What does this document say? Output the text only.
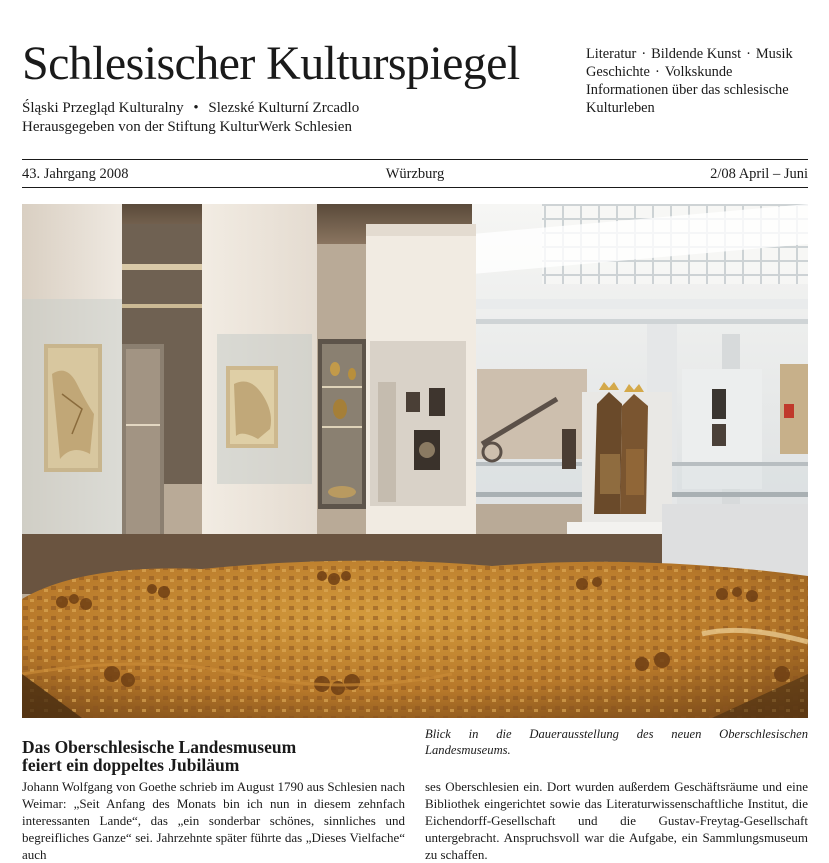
Schlesischer Kulturspiegel
Śląski Przegląd Kulturalny • Slezské Kulturní Zrcadlo
Herausgegeben von der Stiftung KulturWerk Schlesien
Literatur · Bildende Kunst · Musik
Geschichte · Volkskunde
Informationen über das schlesische
Kulturleben
43. Jahrgang 2008	Würzburg	2/08 April – Juni
Das Oberschlesische Landesmuseum
feiert ein doppeltes Jubiläum
Blick in die Dauerausstellung des neuen Oberschlesischen Landesmuseums.
Johann Wolfgang von Goethe schrieb im August 1790 aus Schlesien nach Weimar: „Seit Anfang des Monats bin ich nun in diesem zehnfach interessanten Lande“, das „ein sonderbar schönes, sinnliches und begreifliches Ganze“ sei. Jahrzehnte später führte das „Dieses Vielfache“ auch
ses Oberschlesien ein. Dort wurden außerdem Geschäftsräume und eine Bibliothek eingerichtet sowie das Literaturwissenschaftliche Institut, die Eichendorff-Gesellschaft und die Gustav-Freytag-Gesellschaft untergebracht. Anspruchsvoll war die Aufgabe, ein Sammlungsmuseum zu schaffen.
